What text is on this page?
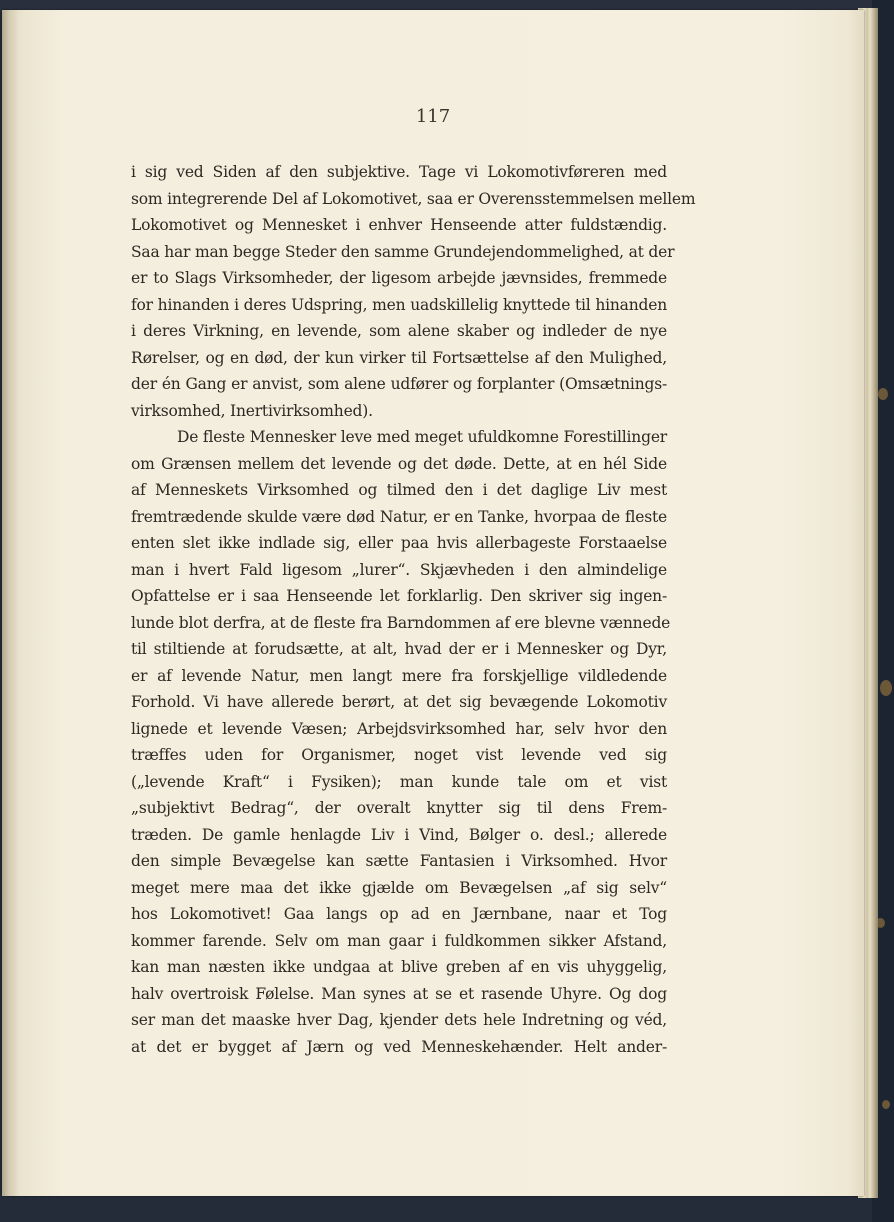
117
i sig ved Siden af den subjektive. Tage vi Lokomotivføreren med
som integrerende Del af Lokomotivet, saa er Overensstemmelsen mellem
Lokomotivet og Mennesket i enhver Henseende atter fuldstændig.
Saa har man begge Steder den samme Grundejendommelighed, at der
er to Slags Virksomheder, der ligesom arbejde jævnsides, fremmede
for hinanden i deres Udspring, men uadskillelig knyttede til hinanden
i deres Virkning, en levende, som alene skaber og indleder de nye
Rørelser, og en død, der kun virker til Fortsættelse af den Mulighed,
der én Gang er anvist, som alene udfører og forplanter (Omsætnings-
virksomhed, Inertivirksomhed).
De fleste Mennesker leve med meget ufuldkomne Forestillinger
om Grænsen mellem det levende og det døde. Dette, at en hél Side
af Menneskets Virksomhed og tilmed den i det daglige Liv mest
fremtrædende skulde være død Natur, er en Tanke, hvorpaa de fleste
enten slet ikke indlade sig, eller paa hvis allerbageste Forstaaelse
man i hvert Fald ligesom „lurer“. Skjævheden i den almindelige
Opfattelse er i saa Henseende let forklarlig. Den skriver sig ingen-
lunde blot derfra, at de fleste fra Barndommen af ere blevne vænnede
til stiltiende at forudsætte, at alt, hvad der er i Mennesker og Dyr,
er af levende Natur, men langt mere fra forskjellige vildledende
Forhold. Vi have allerede berørt, at det sig bevægende Lokomotiv
lignede et levende Væsen; Arbejdsvirksomhed har, selv hvor den
træffes uden for Organismer, noget vist levende ved sig
(„levende Kraft“ i Fysiken); man kunde tale om et vist
„subjektivt Bedrag“, der overalt knytter sig til dens Frem-
træden. De gamle henlagde Liv i Vind, Bølger o. desl.; allerede
den simple Bevægelse kan sætte Fantasien i Virksomhed. Hvor
meget mere maa det ikke gjælde om Bevægelsen „af sig selv“
hos Lokomotivet! Gaa langs op ad en Jærnbane, naar et Tog
kommer farende. Selv om man gaar i fuldkommen sikker Afstand,
kan man næsten ikke undgaa at blive greben af en vis uhyggelig,
halv overtroisk Følelse. Man synes at se et rasende Uhyre. Og dog
ser man det maaske hver Dag, kjender dets hele Indretning og véd,
at det er bygget af Jærn og ved Menneskehænder. Helt ander-
